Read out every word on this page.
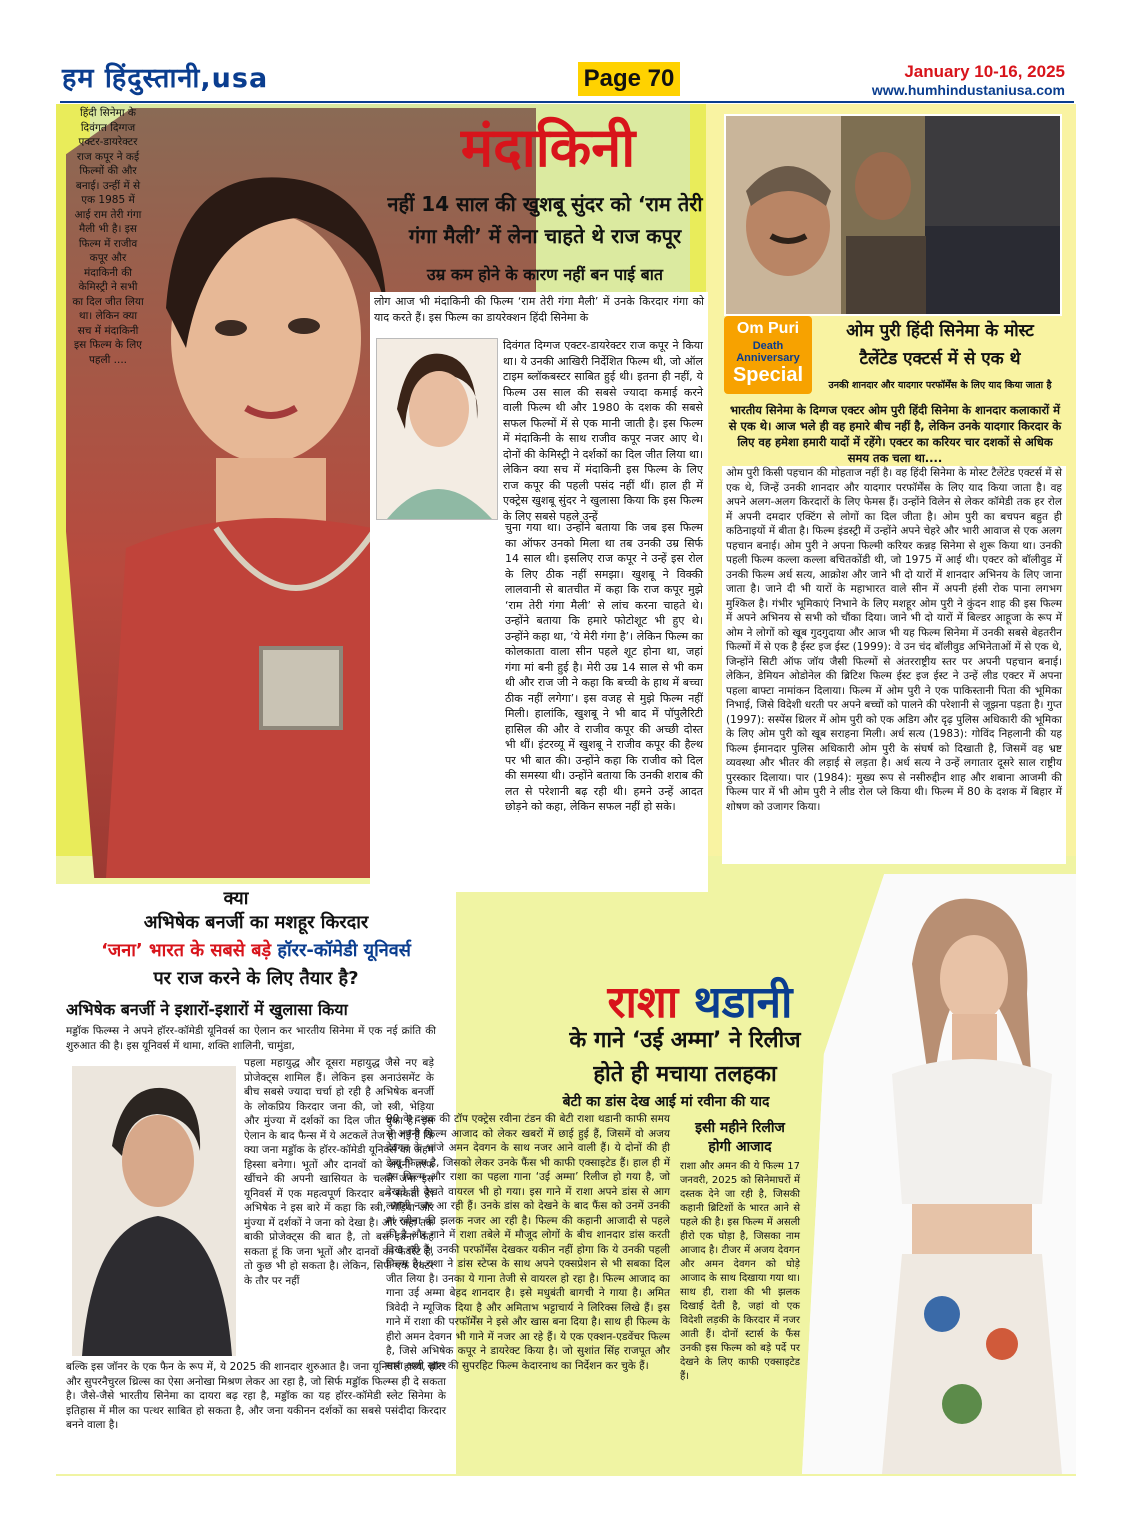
हम हिंदुस्तानी,usa	Page 70	January 10-16, 2025
www.humhindustaniusa.com
हिंदी सिनेमा के दिवंगत दिग्गज एक्टर-डायरेक्टर राज कपूर ने कई फिल्मों की और बनाई। उन्हीं में से एक 1985 में आई राम तेरी गंगा मैली भी है। इस फिल्म में राजीव कपूर और मंदाकिनी की केमिस्ट्री ने सभी का दिल जीत लिया था। लेकिन क्या सच में मंदाकिनी इस फिल्म के लिए पहली ....
मंदाकिनी
नहीं 14 साल की खुशबू सुंदर को ‘राम तेरी
गंगा मैली’ में लेना चाहते थे राज कपूर
उम्र कम होने के कारण नहीं बन पाई बात

लोग आज भी मंदाकिनी की फिल्म ‘राम तेरी गंगा मैली’ में उनके किरदार गंगा को याद करते हैं। इस फिल्म का डायरेक्शन हिंदी सिनेमा के

दिवंगत दिग्गज एक्टर-डायरेक्टर राज कपूर ने किया था। ये उनकी आखिरी निर्देशित फिल्म थी, जो ऑल टाइम ब्लॉकबस्टर साबित हुई थी। इतना ही नहीं, ये फिल्म उस साल की सबसे ज्यादा कमाई करने वाली फिल्म थी और 1980 के दशक की सबसे सफल फिल्मों में से एक मानी जाती है। इस फिल्म में मंदाकिनी के साथ राजीव कपूर नजर आए थे। दोनों की केमिस्ट्री ने दर्शकों का दिल जीत लिया था। लेकिन क्या सच में मंदाकिनी इस फिल्म के लिए राज कपूर की पहली पसंद नहीं थीं। हाल ही में एक्ट्रेस खुशबू सुंदर ने खुलासा किया कि इस फिल्म के लिए सबसे पहले उन्हें

चुना गया था। उन्होंने बताया कि जब इस फिल्म का ऑफर उनको मिला था तब उनकी उम्र सिर्फ 14 साल थी। इसलिए राज कपूर ने उन्हें इस रोल के लिए ठीक नहीं समझा। खुशबू ने विक्की लालवानी से बातचीत में कहा कि राज कपूर मुझे ‘राम तेरी गंगा मैली’ से लांच करना चाहते थे। उन्होंने बताया कि हमारे फोटोशूट भी हुए थे। उन्होंने कहा था, ‘ये मेरी गंगा है’। लेकिन फिल्म का कोलकाता वाला सीन पहले शूट होना था, जहां गंगा मां बनी हुई है। मेरी उम्र 14 साल से भी कम थी और राज जी ने कहा कि बच्ची के हाथ में बच्चा ठीक नहीं लगेगा’। इस वजह से मुझे फिल्म नहीं मिली। हालांकि, खुशबू ने भी बाद में पॉपुलैरिटी हासिल की और वे राजीव कपूर की अच्छी दोस्त भी थीं। इंटरव्यू में खुशबू ने राजीव कपूर की हैल्थ पर भी बात की। उन्होंने कहा कि राजीव को दिल की समस्या थी। उन्होंने बताया कि उनकी शराब की लत से परेशानी बढ़ रही थी। हमने उन्हें आदत छोड़ने को कहा, लेकिन सफल नहीं हो सके।

Om Puri
Death Anniversary
Special
ओम पुरी हिंदी सिनेमा के मोस्ट
टैलेंटेड एक्टर्स में से एक थे
उनकी शानदार और यादगार परफॉर्मेंस के लिए याद किया जाता है

भारतीय सिनेमा के दिग्गज एक्टर ओम पुरी हिंदी सिनेमा के शानदार कलाकारों में से एक थे। आज भले ही वह हमारे बीच नहीं है, लेकिन उनके यादगार किरदार के लिए वह हमेशा हमारी यादों में रहेंगे। एक्टर का करियर चार दशकों से अधिक समय तक चला था....

ओम पुरी किसी पहचान की मोहताज नहीं है। वह हिंदी सिनेमा के मोस्ट टैलेंटेड एक्टर्स में से एक थे, जिन्हें उनकी शानदार और यादगार परफॉर्मेंस के लिए याद किया जाता है। वह अपने अलग-अलग किरदारों के लिए फेमस हैं। उन्होंने विलेन से लेकर कॉमेडी तक हर रोल में अपनी दमदार एक्टिंग से लोगों का दिल जीता है। ओम पुरी का बचपन बहुत ही कठिनाइयों में बीता है। फिल्म इंडस्ट्री में उन्होंने अपने चेहरे और भारी आवाज से एक अलग पहचान बनाई। ओम पुरी ने अपना फिल्मी करियर कन्नड़ सिनेमा से शुरू किया था। उनकी पहली फिल्म कल्ला कल्ला बचितकोंडी थी, जो 1975 में आई थी। एक्टर को बॉलीवुड में उनकी फिल्म अर्ध सत्य, आक्रोश और जाने भी दो यारों में शानदार अभिनय के लिए जाना जाता है। जाने दी भी यारों के महाभारत वाले सीन में अपनी हंसी रोक पाना लगभग मुश्किल है। गंभीर भूमिकाएं निभाने के लिए मशहूर ओम पुरी ने कुंदन शाह की इस फिल्म में अपने अभिनय से सभी को चौंका दिया। जाने भी दो यारों में बिल्डर आहूजा के रूप में ओम ने लोगों को खूब गुदगुदाया और आज भी यह फिल्म सिनेमा में उनकी सबसे बेहतरीन फिल्मों में से एक है ईस्ट इज ईस्ट (1999): वे उन चंद बॉलीवुड अभिनेताओं में से एक थे, जिन्होंने सिटी ऑफ जॉय जैसी फिल्मों से अंतरराष्ट्रीय स्तर पर अपनी पहचान बनाई। लेकिन, डेमियन ओडोनेल की ब्रिटिश फिल्म ईस्ट इज ईस्ट ने उन्हें लीड एक्टर में अपना पहला बाफ्टा नामांकन दिलाया। फिल्म में ओम पुरी ने एक पाकिस्तानी पिता की भूमिका निभाई, जिसे विदेशी धरती पर अपने बच्चों को पालने की परेशानी से जूझना पड़ता है। गुप्त (1997): सस्पेंस थ्रिलर में ओम पुरी को एक अडिग और दृढ़ पुलिस अधिकारी की भूमिका के लिए ओम पुरी को खूब सराहना मिली। अर्ध सत्य (1983): गोविंद निहलानी की यह फिल्म ईमानदार पुलिस अधिकारी ओम पुरी के संघर्ष को दिखाती है, जिसमें वह भ्रष्ट व्यवस्था और भीतर की लड़ाई से लड़ता है। अर्ध सत्य ने उन्हें लगातार दूसरे साल राष्ट्रीय पुरस्कार दिलाया। पार (1984): मुख्य रूप से नसीरुद्दीन शाह और शबाना आजमी की फिल्म पार में भी ओम पुरी ने लीड रोल प्ले किया थी। फिल्म में 80 के दशक में बिहार में शोषण को उजागर किया।

क्या
अभिषेक बनर्जी का मशहूर किरदार
‘जना’ भारत के सबसे बड़े हॉरर-कॉमेडी यूनिवर्स
पर राज करने के लिए तैयार है?
अभिषेक बनर्जी ने इशारों-इशारों में खुलासा किया

मड्डॉक फिल्म्स ने अपने हॉरर-कॉमेडी यूनिवर्स का ऐलान कर भारतीय सिनेमा में एक नई क्रांति की शुरुआत की है। इस यूनिवर्स में थामा, शक्ति शालिनी, चामुंडा,

पहला महायुद्ध और दूसरा महायुद्ध जैसे नए बड़े प्रोजेक्ट्स शामिल हैं। लेकिन इस अनाउंसमेंट के बीच सबसे ज्यादा चर्चा हो रही है अभिषेक बनर्जी के लोकप्रिय किरदार जना की, जो स्त्री, भेड़िया और मुंज्या में दर्शकों का दिल जीत चुका है। इस ऐलान के बाद फैन्स में ये अटकलें तेज हो गई हैं कि क्या जना मड्डॉक के हॉरर-कॉमेडी यूनिवर्स का अहम हिस्सा बनेगा। भूतों और दानवों को अपनी तरफ खींचने की अपनी खासियत के चलते जना इस यूनिवर्स में एक महत्वपूर्ण किरदार बन सकता है। अभिषेक ने इस बारे में कहा कि स्त्री, भेड़िया और मुंज्या में दर्शकों ने जना को देखा है। और जहां तक बाकी प्रोजेक्ट्स की बात है, तो बस इतना कह सकता हूं कि जना भूतों और दानवों का फेवरेट है, तो कुछ भी हो सकता है। लेकिन, सिर्फ एक एक्टर के तौर पर नहीं

बल्कि इस जॉनर के एक फैन के रूप में, ये 2025 की शानदार शुरुआत है। जना यूनिवर्स हास्य, हॉरर और सुपरनैचुरल थ्रिल्स का ऐसा अनोखा मिश्रण लेकर आ रहा है, जो सिर्फ मड्डॉक फिल्म्स ही दे सकता है। जैसे-जैसे भारतीय सिनेमा का दायरा बढ़ रहा है, मड्डॉक का यह हॉरर-कॉमेडी स्लेट सिनेमा के इतिहास में मील का पत्थर साबित हो सकता है, और जना यकीनन दर्शकों का सबसे पसंदीदा किरदार बनने वाला है।

राशा थडानी
के गाने ‘उई अम्मा’ ने रिलीज
होते ही मचाया तलहका
बेटी का डांस देख आई मां रवीना की याद

90 के दशक की टॉप एक्ट्रेस रवीना टंडन की बेटी राशा थडानी काफी समय से अपनी फिल्म आजाद को लेकर खबरों में छाई हुई हैं, जिसमें वो अजय देवगन के भांजे अमन देवगन के साथ नजर आने वाली हैं। ये दोनों की ही डेब्यू फिल्म है, जिसको लेकर उनके फैंस भी काफी एक्साइटेड हैं। हाल ही में इस फिल्म और राशा का पहला गाना ‘उई अम्मा’ रिलीज हो गया है, जो देखते ही देखते वायरल भी हो गया। इस गाने में राशा अपने डांस से आग लगाती नजर आ रही हैं। उनके डांस को देखने के बाद फैंस को उनमें उनकी मां रवीना की झलक नजर आ रही है। फिल्म की कहानी आजादी से पहले की है और गाने में राशा तबेले में मौजूद लोगों के बीच शानदार डांस करती दिख रही हैं। उनकी परफॉर्मेंस देखकर यकीन नहीं होगा कि ये उनकी पहली फिल्म है। राशा ने डांस स्टेप्स के साथ अपने एक्सप्रेशन से भी सबका दिल जीत लिया है। उनका ये गाना तेजी से वायरल हो रहा है। फिल्म आजाद का गाना उई अम्मा बेहद शानदार है। इसे मधुबंती बागची ने गाया है। अमित त्रिवेदी ने म्यूजिक दिया है और अमिताभ भट्टाचार्य ने लिरिक्स लिखे हैं। इस गाने में राशा की परफॉर्मेंस ने इसे और खास बना दिया है। साथ ही फिल्म के हीरो अमन देवगन भी गाने में नजर आ रहे हैं। ये एक एक्शन-एडवेंचर फिल्म है, जिसे अभिषेक कपूर ने डायरेक्ट किया है। जो सुशांत सिंह राजपूत और सारा अली खान की सुपरहिट फिल्म केदारनाथ का निर्देशन कर चुके हैं।

इसी महीने रिलीज
होगी आजाद

राशा और अमन की ये फिल्म 17 जनवरी, 2025 को सिनेमाघरों में दस्तक देने जा रही है, जिसकी कहानी ब्रिटिशों के भारत आने से पहले की है। इस फिल्म में असली हीरो एक घोड़ा है, जिसका नाम आजाद है। टीजर में अजय देवगन और अमन देवगन को घोड़े आजाद के साथ दिखाया गया था। साथ ही, राशा की भी झलक दिखाई देती है, जहां वो एक विदेशी लड़की के किरदार में नजर आती हैं। दोनों स्टार्स के फैंस उनकी इस फिल्म को बड़े पर्दे पर देखने के लिए काफी एक्साइटेड हैं।
